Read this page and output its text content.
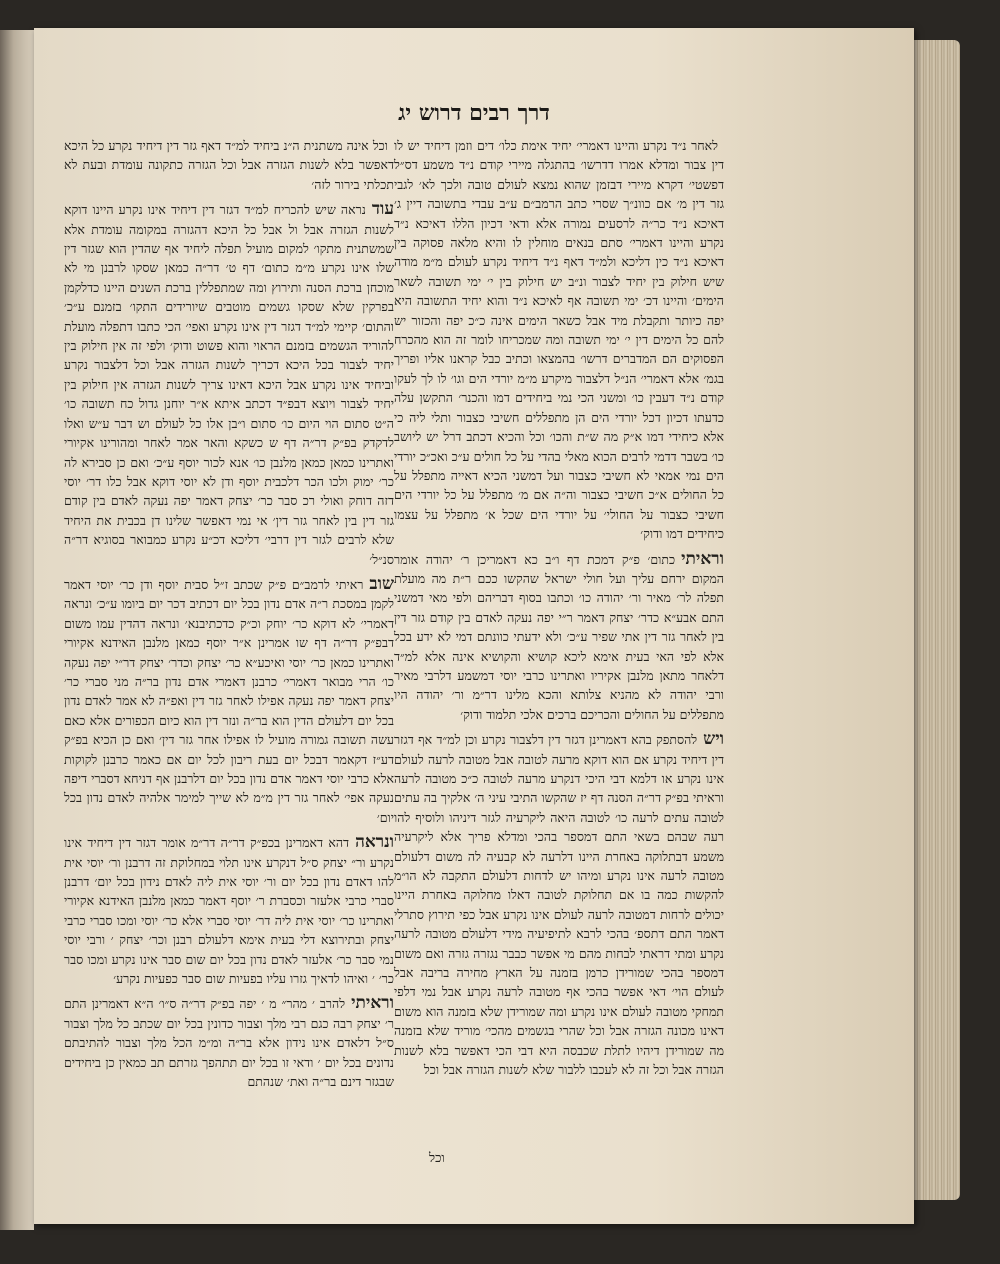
דרך רבים דרוש יג

לאחר נ״ד נקרע והיינו דאמרי׳ יחיד אימת כלו׳ דים וזמן דיחיד יש לו דין צבור ומדלא אמרו דדרשו׳ בהתגלה מיירי קודם נ״ד משמע דס״ל דפשטי׳ דקרא מיירי דבזמן שהוא נמצא לעולם טובה ולכך לא׳ לגבי גזר דין מ׳ אם כוונ״ך שסרי כתב הרמב״ם ע״ב עבדי בתשובה דיין ג׳ דאיכא נ״ד כר״ה לרסעים נמורה אלא ודאי דכיון הללו דאיכא נ״ד נקרע והיינו דאמרי׳ סתם בנאים מוחלין לו והיא מלאה פסוקה בין דאיכא נ״ד כין דליכא ולמ״ד דאף נ״ד דיחיד נקרע לעולם מ״מ מודה שיש חילוק בין יחיד לצבור ונ״ב יש חילוק בין י׳ ימי תשובה לשאר הימים׳ והיינו דכ׳ ימי תשובה אף לאיכא נ״ד והוא יחיד התשובה היא יפה כיותר ותקבלת מיד אבל כשאר הימים אינה כ״כ יפה והכזור יש להם כל הימים דין י׳ ימי תשובה ומה שמכריחו לומר זה הוא מהכרח הפסוקים הם המדברים דרשו׳ בהמצאו וכתיב כבל קראנו אליו ופריך בגמ׳ אלא דאמרי׳ הנ״ל דלצבור מיקרע מ״מ יורדי הים וגו׳ לו לך לעקו קודם נ״ד דעבין כו׳ ומשני הכי נמי ביחידים דמו והכנר׳ התקשן עלה כדעתו דכיון דכל יורדי הים הן מתפללים חשיבי כצבור ותלי ליה כי אלא כיחידי דמו א״ק מה ש״ת והכו׳ וכל והכיא דכתב דרל יש ליושב כו׳ בשבר דדמי לרבים הכוא מאלי בהדי על כל חולים ע״כ ואכ״כ יורדי הים נמי אמאי לא חשיבי כצבור ועל דמשני הכיא דאייה מתפלל על כל החולים א״כ חשיבי כצבור וה״ה אם מ׳ מתפלל על כל יורדי הים חשיבי כצבור על החולי׳ על יורדי הים שכל א׳ מתפלל על עצמו כיחידים דמו ודוק׳

וראיתיכתום׳ פ״ק דמכת דף ו״ב כא דאמריכן ר׳ יהודה אומר המקום ירחם עליך ועל חולי ישראל שהקשו ככם ר״ת מה מועלת תפלה לר׳ מאיר ור׳ יהודה כו׳ וכתבו בסוף דבריהם ולפי מאי דמשני התם אבע״א כדר׳ יצחק דאמר ר״י יפה נעקה לאדם בין קודם גזר דין בין לאחר גזר דין אתי שפיר ע״כ׳ ולא ידעתי כוונתם דמי לא ידע בכל אלא לפי האי בעית אימא ליכא קושיא והקושיא אינה אלא למ״ד דלאחר מתאן מלנבן אקיריו ואתרינו כרבי יוסי דמשמע דלרבי מאיר ורבי יהודה לא מהניא צלותא והכא מלינו דר״מ ור׳ יהודה היו מתפללים על החולים והכריכם ברכים אלכי תלמוד ודוק׳

וישלהסתפק בהא דאמרינן דגזר דין דלצבור נקרע וכן למ״ד אף דגזר דין דיחיד נקרע אם הוא דוקא מרעה לטובה אבל מטובה לרעה לעולם אינו נקרע או דלמא דבי היכי דנקרע מרעה לטובה כ״כ מטובה לרעה וראיתי בפ״ק דר״ה הסנה דף יז שהקשו התיבי עיני ה׳ אלקיך בה עתים לטובה עתים לרעה כו׳ לטובה היאה ליקרעיה לגזר דיניהו ולוסיף להו רעה שבהם בשאי התם דמספר בהכי ומדלא פריך אלא ליקרעיה משמע דבתלוקה באחרת היינו דלרעה לא קבעיה לה משום דלעולם מטובה לרעה אינו נקרע ומיהו יש לדחות דלעולם התקבה לא הו״מ להקשות כמה בו אם תחלוקת לטובה דאלו מחלוקה באחרת היינו יכולים לרחות דמטובה לרעה לעולם אינו נקרע אבל כפי תירוץ סתרלי דאמר התם דתספ׳ בהכי לרבא לתיפיעיה מידי דלעולם מטובה לרעה נקרע ומתי דראתי לבחות מהם מי אפשר כבבר נגזרה גזרה ואם משום דמספר בהכי שמורידן כרמן בזמנה על הארץ מחירה בריבה אבל לעולם הוי׳ דאי אפשר בהכי אף מטובה לרעה נקרע אבל נמי דלפי תמחקי מטובה לעולם אינו נקרע ומה שמורידן שלא בזמנה הוא משום דאינו מכונה הגזרה אבל וכל שהרי בגשמים מהכי׳ מוריד שלא בזמנה מה שמורידן דיהיו לתלת שכבסה היא דבי הכי דאפשר בלא לשנות הגזרה אבל וכל זה לא לעכבו ללבור שלא לשנות הגזרה אבל וכל

וכל אינה משתנית ה״נ ביחיד למ״ד דאף גזר דין דיחיד נקרע כל היכא דאפשר בלא לשנות הגזרה אבל וכל הגזרה כתקונה עומדת ובעת לא תכלתי בירור לזה׳

עודנראה שיש להכריח למ״ד דגזר דין דיחיד אינו נקרע היינו דוקא לשנות הגזרה אבל ול אבל כל היכא דהגזרה במקומה עומדת אלא שמשתנית מתקו׳ למקום מועיל תפלה ליחיד אף שהדין הוא שגזר דין שלו אינו נקרע מ״מ כתום׳ דף ט׳ דר״ה כמאן שסקו לרבנן מי לא מוכחן ברכת הסנה ותירוץ ומה שמתפללין ברכת השנים היינו כדלקמן בפרקין שלא שסקו גשמים מוטבים שיורידים התקו׳ בזמנם ע״כ׳ והתום׳ קיימי למ״ד דגזר דין אינו נקרע ואפי׳ הכי כתבו דתפלה מועלת להוריד הגשמים בזמנם הראוי והוא פשוט ודוק׳ ולפי זה אין חילוק בין יחיד לצבור בכל היכא דכריך לשנות הגזרה אבל וכל דלצבור נקרע וביחיד אינו נקרע אבל היכא דאינו צריך לשנות הגזרה אין חילוק בין יחיד לצבור ויוצא דבפ״ד דכתב איתא א״ר יוחנן גדול כח תשובה כו׳ ה״ט סתום הוי היום כו׳ סתום ו״בן אלו כל לעולם וש דבר ע״ש ואלו לדקדק בפ״ק דר״ה דף ש כשקא והאר אמר לאחר ומהורינו אקיורי ואתרינו כמאן כמאן מלנבן כו׳ אנא לכור יוסף ע״כ׳ ואם כן סבירא לה כר׳ ימוק ולכו הכר דלכבית יוסף ודן לא יוסי דוקא אבל כלו דר׳ יוסי דזה דוחק ואולי רכ סבר כר׳ יצחק דאמר יפה נעקה לאדם בין קודם גזר דין בין לאחר גזר דין׳ אי נמי דאפשר שלינו דן בכבית את היחיד שלא לרבים לגזר דין דרבי׳ דליכא דכ״ע נקרע כמבואר בסוגיא דר״ה סנ״ל׳

שובראיתי לרמב״ם פ״ק שכתב ז״ל סבית יוסף ודן כר׳ יוסי דאמר לקמן במסכת ר״ה אדם נדון בכל יום דכתיב דכר יום ביומו ע״כ׳ ונראה דאמרי׳ לא דוקא כר׳ יוחק וכ״ק כדכתיבנא׳ ונראה דהדין עמו משום דבפ״ק דר״ה דף שו אמרינן א״ר יוסף כמאן מלנבן האידנא אקיורי ואתרינו כמאן כר׳ יוסי ואיכע״א כר׳ יצחק וכדר׳ יצחק דר״י יפה נעקה כו׳ הרי מבואר דאמרי׳ כרבנן דאמרי אדם נדון בר״ה מני סברי כר׳ יצחק דאמר יפה נעקה אפילו לאחר גזר דין ואפ״ה לא אמר לאדם נדון בכל יום דלעולם הדין הוא בר״ה ונזר דין הוא כיום הכפורים אלא כאם עשה תשובה גמורה מועיל לו אפילו אחר גזר דין׳ ואם כן הכיא בפ״ק דע״ז דקאמר דבכל יום בעת ריבון לכל יום אם כאמר כרבנן לקוקות אלא כרבי יוסי דאמר אדם נדון בכל יום דלרבנן אף דניחא דסברי דיפה נעקה אפי׳ לאחר גזר דין מ״מ לא שייך למימר אלהיה לאדם נדון בכל יום׳

ונראהדהא דאמרינן בכפ״ק דר״ה דר״מ אומר דגזר דין דיחיד אינו נקרע ור״ יצחק ס״ל דנקרע אינו תלוי במחלוקת זה דרבנן ור׳ יוסי אית להו דאדם נדון בכל יום ור׳ יוסי אית ליה לאדם נידון בכל יום׳ דרבנן סברי כרבי אלעזר וכסברת ר׳ יוסף דאמר כמאן מלנבן האידנא אקיורי ואתרינו כר׳ יוסי אית ליה דר׳ יוסי סברי אלא כר׳ יוסי ומכו סברי כרבי יצחק ובתירוצא דלי בעית אימא דלעולם רבנן וכר׳ יצחק ׳ ורבי יוסי נמי סבר כר׳ אלעזר לאדם נדון בכל יום שום סבר אינו נקרע ומכו סבר כר׳ ׳ ואיהו לדאיך גזרו עליו בפעיות שום סבר כפעיות נקרע׳

וראיתילהרב ׳ מהר״ מ ׳ יפה בפ״ק דר״ה ס״ו׳ ה״א דאמרינן התם ר׳ יצחק רבה כגם רבי מלך וצבור כדונין בכל יום שכתב כל מלך וצבור ס״ל דלאדם אינו נידון אלא בר״ה ומ״מ הכל מלך וצבור להתיבתם נדונים בכל יום ׳ ודאי זו בכל יום תתהפך גזרתם תב כמאין כן ביחידים שבגזר דינם בר״ה ואת׳ שנהתם

וכל
